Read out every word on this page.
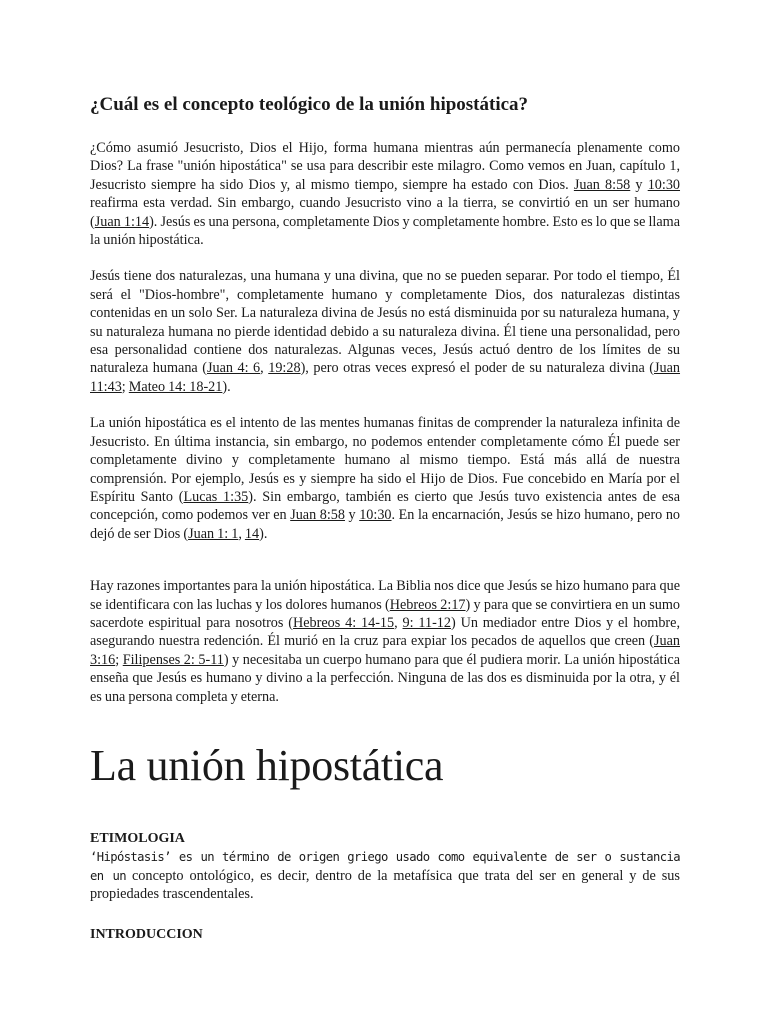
¿Cuál es el concepto teológico de la unión hipostática?

¿Cómo asumió Jesucristo, Dios el Hijo, forma humana mientras aún permanecía plenamente como Dios? La frase "unión hipostática" se usa para describir este milagro. Como vemos en Juan, capítulo 1, Jesucristo siempre ha sido Dios y, al mismo tiempo, siempre ha estado con Dios. Juan 8:58 y 10:30 reafirma esta verdad. Sin embargo, cuando Jesucristo vino a la tierra, se convirtió en un ser humano (Juan 1:14). Jesús es una persona, completamente Dios y completamente hombre. Esto es lo que se llama la unión hipostática.

Jesús tiene dos naturalezas, una humana y una divina, que no se pueden separar. Por todo el tiempo, Él será el "Dios-hombre", completamente humano y completamente Dios, dos naturalezas distintas contenidas en un solo Ser. La naturaleza divina de Jesús no está disminuida por su naturaleza humana, y su naturaleza humana no pierde identidad debido a su naturaleza divina. Él tiene una personalidad, pero esa personalidad contiene dos naturalezas. Algunas veces, Jesús actuó dentro de los límites de su naturaleza humana (Juan 4: 6, 19:28), pero otras veces expresó el poder de su naturaleza divina (Juan 11:43; Mateo 14: 18-21).

La unión hipostática es el intento de las mentes humanas finitas de comprender la naturaleza infinita de Jesucristo. En última instancia, sin embargo, no podemos entender completamente cómo Él puede ser completamente divino y completamente humano al mismo tiempo. Está más allá de nuestra comprensión. Por ejemplo, Jesús es y siempre ha sido el Hijo de Dios. Fue concebido en María por el Espíritu Santo (Lucas 1:35). Sin embargo, también es cierto que Jesús tuvo existencia antes de esa concepción, como podemos ver en Juan 8:58 y 10:30. En la encarnación, Jesús se hizo humano, pero no dejó de ser Dios (Juan 1: 1, 14).

Hay razones importantes para la unión hipostática. La Biblia nos dice que Jesús se hizo humano para que se identificara con las luchas y los dolores humanos (Hebreos 2:17) y para que se convirtiera en un sumo sacerdote espiritual para nosotros (Hebreos 4: 14-15, 9: 11-12) Un mediador entre Dios y el hombre, asegurando nuestra redención. Él murió en la cruz para expiar los pecados de aquellos que creen (Juan 3:16; Filipenses 2: 5-11) y necesitaba un cuerpo humano para que él pudiera morir. La unión hipostática enseña que Jesús es humano y divino a la perfección. Ninguna de las dos es disminuida por la otra, y él es una persona completa y eterna.

La unión hipostática
ETIMOLOGIA

‘Hipóstasis’ es un término de origen griego usado como equivalente de ser o sustancia en un concepto ontológico, es decir, dentro de la metafísica que trata del ser en general y de sus propiedades trascendentales.

INTRODUCCION
